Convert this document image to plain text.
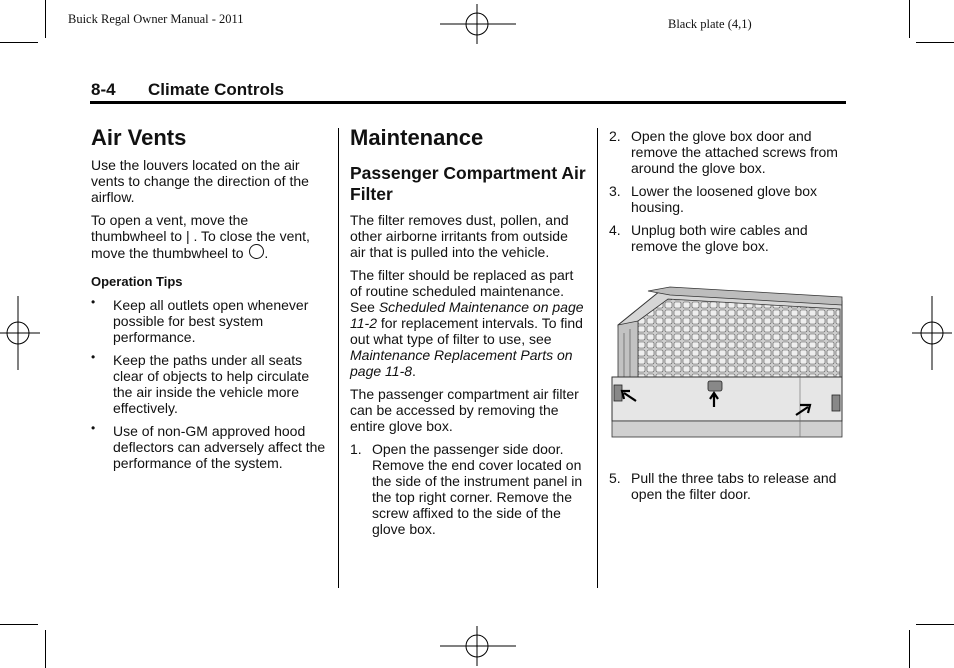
Buick Regal Owner Manual - 2011	Black plate (4,1)
8-4 Climate Controls
Air Vents

Use the louvers located on the air vents to change the direction of the airflow.

To open a vent, move the thumbwheel to | . To close the vent, move the thumbwheel to .

Operation Tips
• Keep all outlets open whenever possible for best system performance.
• Keep the paths under all seats clear of objects to help circulate the air inside the vehicle more effectively.
• Use of non-GM approved hood deflectors can adversely affect the performance of the system.
Maintenance
Passenger Compartment Air Filter

The filter removes dust, pollen, and other airborne irritants from outside air that is pulled into the vehicle.

The filter should be replaced as part of routine scheduled maintenance. See Scheduled Maintenance on page 11-2 for replacement intervals. To find out what type of filter to use, see Maintenance Replacement Parts on page 11-8.

The passenger compartment air filter can be accessed by removing the entire glove box.

1. Open the passenger side door. Remove the end cover located on the side of the instrument panel in the top right corner. Remove the screw affixed to the side of the glove box.
2. Open the glove box door and remove the attached screws from around the glove box.
3. Lower the loosened glove box housing.
4. Unplug both wire cables and remove the glove box.
5. Pull the three tabs to release and open the filter door.
